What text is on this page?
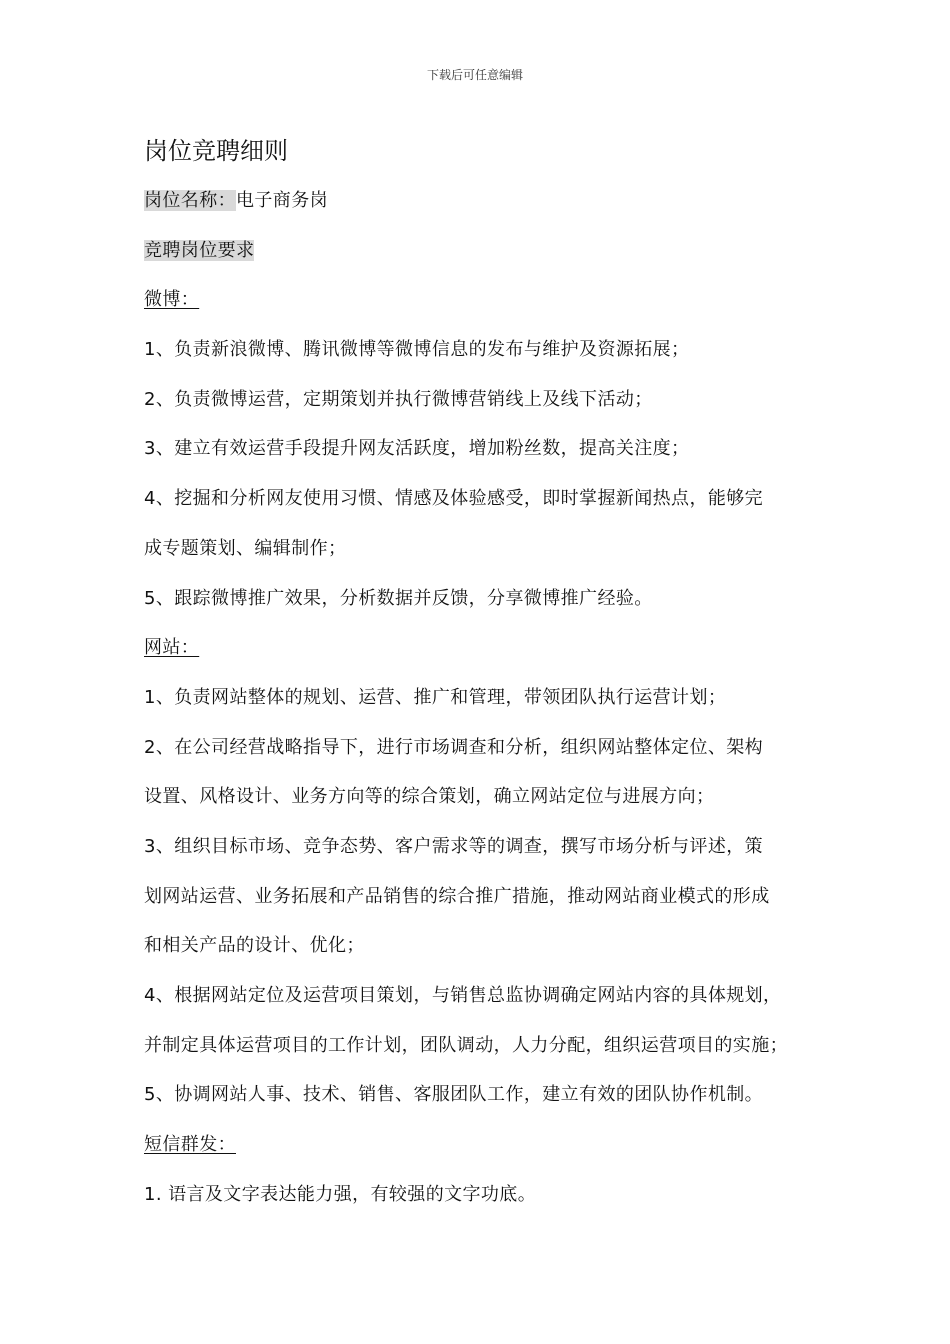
下载后可任意编辑
岗位竞聘细则

岗位名称：电子商务岗

竞聘岗位要求

微博：

1、负责新浪微博、腾讯微博等微博信息的发布与维护及资源拓展；

2、负责微博运营，定期策划并执行微博营销线上及线下活动；

3、建立有效运营手段提升网友活跃度，增加粉丝数，提高关注度；

4、挖掘和分析网友使用习惯、情感及体验感受，即时掌握新闻热点，能够完

成专题策划、编辑制作；

5、跟踪微博推广效果，分析数据并反馈，分享微博推广经验。

网站：

1、负责网站整体的规划、运营、推广和管理，带领团队执行运营计划；

2、在公司经营战略指导下，进行市场调查和分析，组织网站整体定位、架构

设置、风格设计、业务方向等的综合策划，确立网站定位与进展方向；

3、组织目标市场、竞争态势、客户需求等的调查，撰写市场分析与评述，策

划网站运营、业务拓展和产品销售的综合推广措施，推动网站商业模式的形成

和相关产品的设计、优化；

4、根据网站定位及运营项目策划，与销售总监协调确定网站内容的具体规划，

并制定具体运营项目的工作计划，团队调动，人力分配，组织运营项目的实施；

5、协调网站人事、技术、销售、客服团队工作，建立有效的团队协作机制。

短信群发：

1. 语言及文字表达能力强，有较强的文字功底。
